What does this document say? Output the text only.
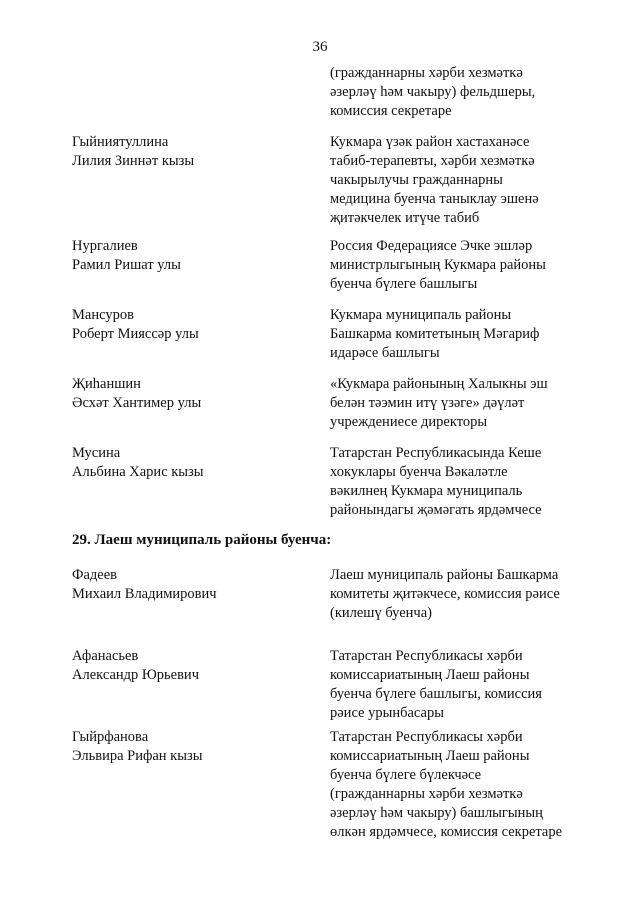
36
(гражданнарны хәрби хезмәткә
әзерләү һәм чакыру) фельдшеры,
комиссия секретаре
Гыйниятуллина
Лилия Зиннәт кызы
Кукмара үзәк район хастаханәсе
табиб-терапевты, хәрби хезмәткә
чакырылучы гражданнарны
медицина буенча таныклау эшенә
җитәкчелек итүче табиб
Нургалиев
Рамил Ришат улы
Россия Федерациясе Эчке эшләр
министрлыгының Кукмара районы
буенча бүлеге башлыгы
Мансуров
Роберт Мияссәр улы
Кукмара муниципаль районы
Башкарма комитетының Мәгариф
идарәсе башлыгы
Җиһаншин
Әсхәт Хантимер улы
«Кукмара районының Халыкны эш
белән тәэмин итү үзәге» дәүләт
учреждениесе директоры
Мусина
Альбина Харис кызы
Татарстан Республикасында Кеше
хокуклары буенча Вәкаләтле
вәкилнең Кукмара муниципаль
районындагы җәмәгать ярдәмчесе
29. Лаеш муниципаль районы буенча:
Фадеев
Михаил Владимирович
Лаеш муниципаль районы Башкарма
комитеты җитәкчесе, комиссия рәисе
(килешү буенча)
Афанасьев
Александр Юрьевич
Татарстан Республикасы хәрби
комиссариатының Лаеш районы
буенча бүлеге башлыгы, комиссия
рәисе урынбасары
Гыйрфанова
Эльвира Рифан кызы
Татарстан Республикасы хәрби
комиссариатының Лаеш районы
буенча бүлеге бүлекчәсе
(гражданнарны хәрби хезмәткә
әзерләү һәм чакыру) башлыгының
өлкән ярдәмчесе, комиссия секретаре
